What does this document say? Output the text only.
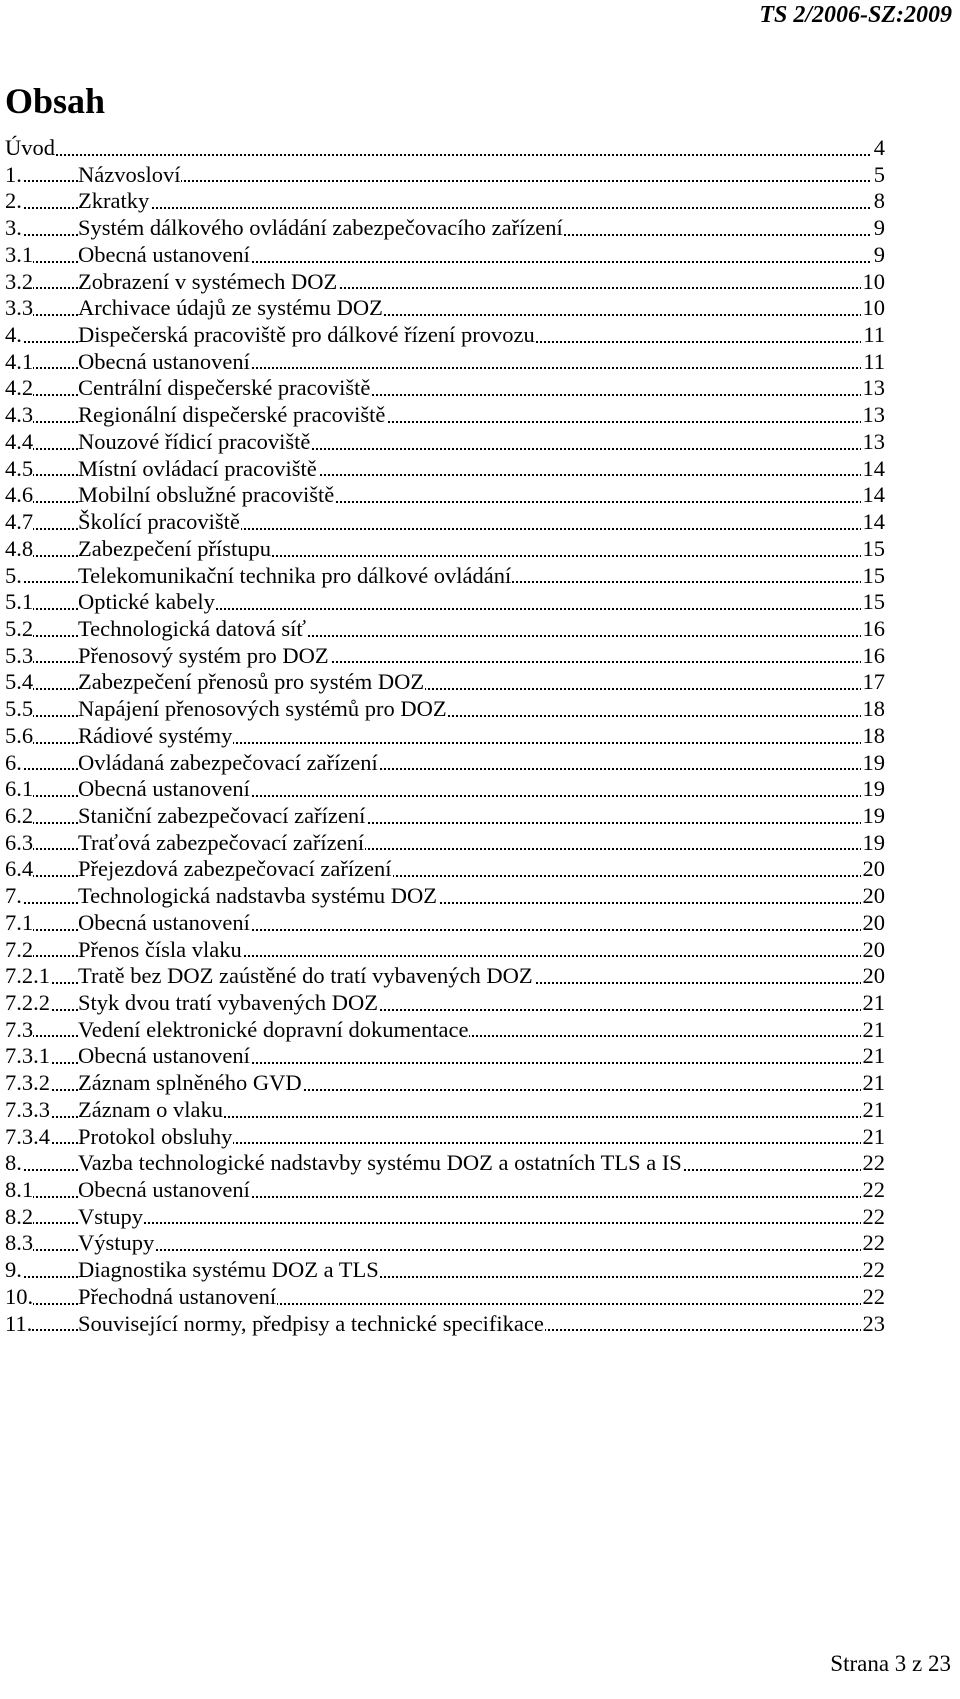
TS 2/2006-SZ:2009
Obsah
Úvod	4
1. Názvosloví	5
2. Zkratky	8
3. Systém dálkového ovládání zabezpečovacího zařízení	9
3.1 Obecná ustanovení	9
3.2 Zobrazení v systémech DOZ	10
3.3 Archivace údajů ze systému DOZ	10
4. Dispečerská pracoviště pro dálkové řízení provozu	11
4.1 Obecná ustanovení	11
4.2 Centrální dispečerské pracoviště	13
4.3 Regionální dispečerské pracoviště	13
4.4 Nouzové řídicí pracoviště	13
4.5 Místní ovládací pracoviště	14
4.6 Mobilní obslužné pracoviště	14
4.7 Školící pracoviště	14
4.8 Zabezpečení přístupu	15
5. Telekomunikační technika pro dálkové ovládání	15
5.1 Optické kabely	15
5.2 Technologická datová síť	16
5.3 Přenosový systém pro DOZ	16
5.4 Zabezpečení přenosů pro systém DOZ	17
5.5 Napájení přenosových systémů pro DOZ	18
5.6 Rádiové systémy	18
6. Ovládaná zabezpečovací zařízení	19
6.1 Obecná ustanovení	19
6.2 Staniční zabezpečovací zařízení	19
6.3 Traťová zabezpečovací zařízení	19
6.4 Přejezdová zabezpečovací zařízení	20
7. Technologická nadstavba systému DOZ	20
7.1 Obecná ustanovení	20
7.2 Přenos čísla vlaku	20
7.2.1 Tratě bez DOZ zaústěné do tratí vybavených DOZ	20
7.2.2 Styk dvou tratí vybavených DOZ	21
7.3 Vedení elektronické dopravní dokumentace	21
7.3.1 Obecná ustanovení	21
7.3.2 Záznam splněného GVD	21
7.3.3 Záznam o vlaku	21
7.3.4 Protokol obsluhy	21
8. Vazba technologické nadstavby systému DOZ a ostatních TLS a IS	22
8.1 Obecná ustanovení	22
8.2 Vstupy	22
8.3 Výstupy	22
9. Diagnostika systému DOZ a TLS	22
10. Přechodná ustanovení	22
11. Související normy, předpisy a technické specifikace	23
Strana 3 z 23
